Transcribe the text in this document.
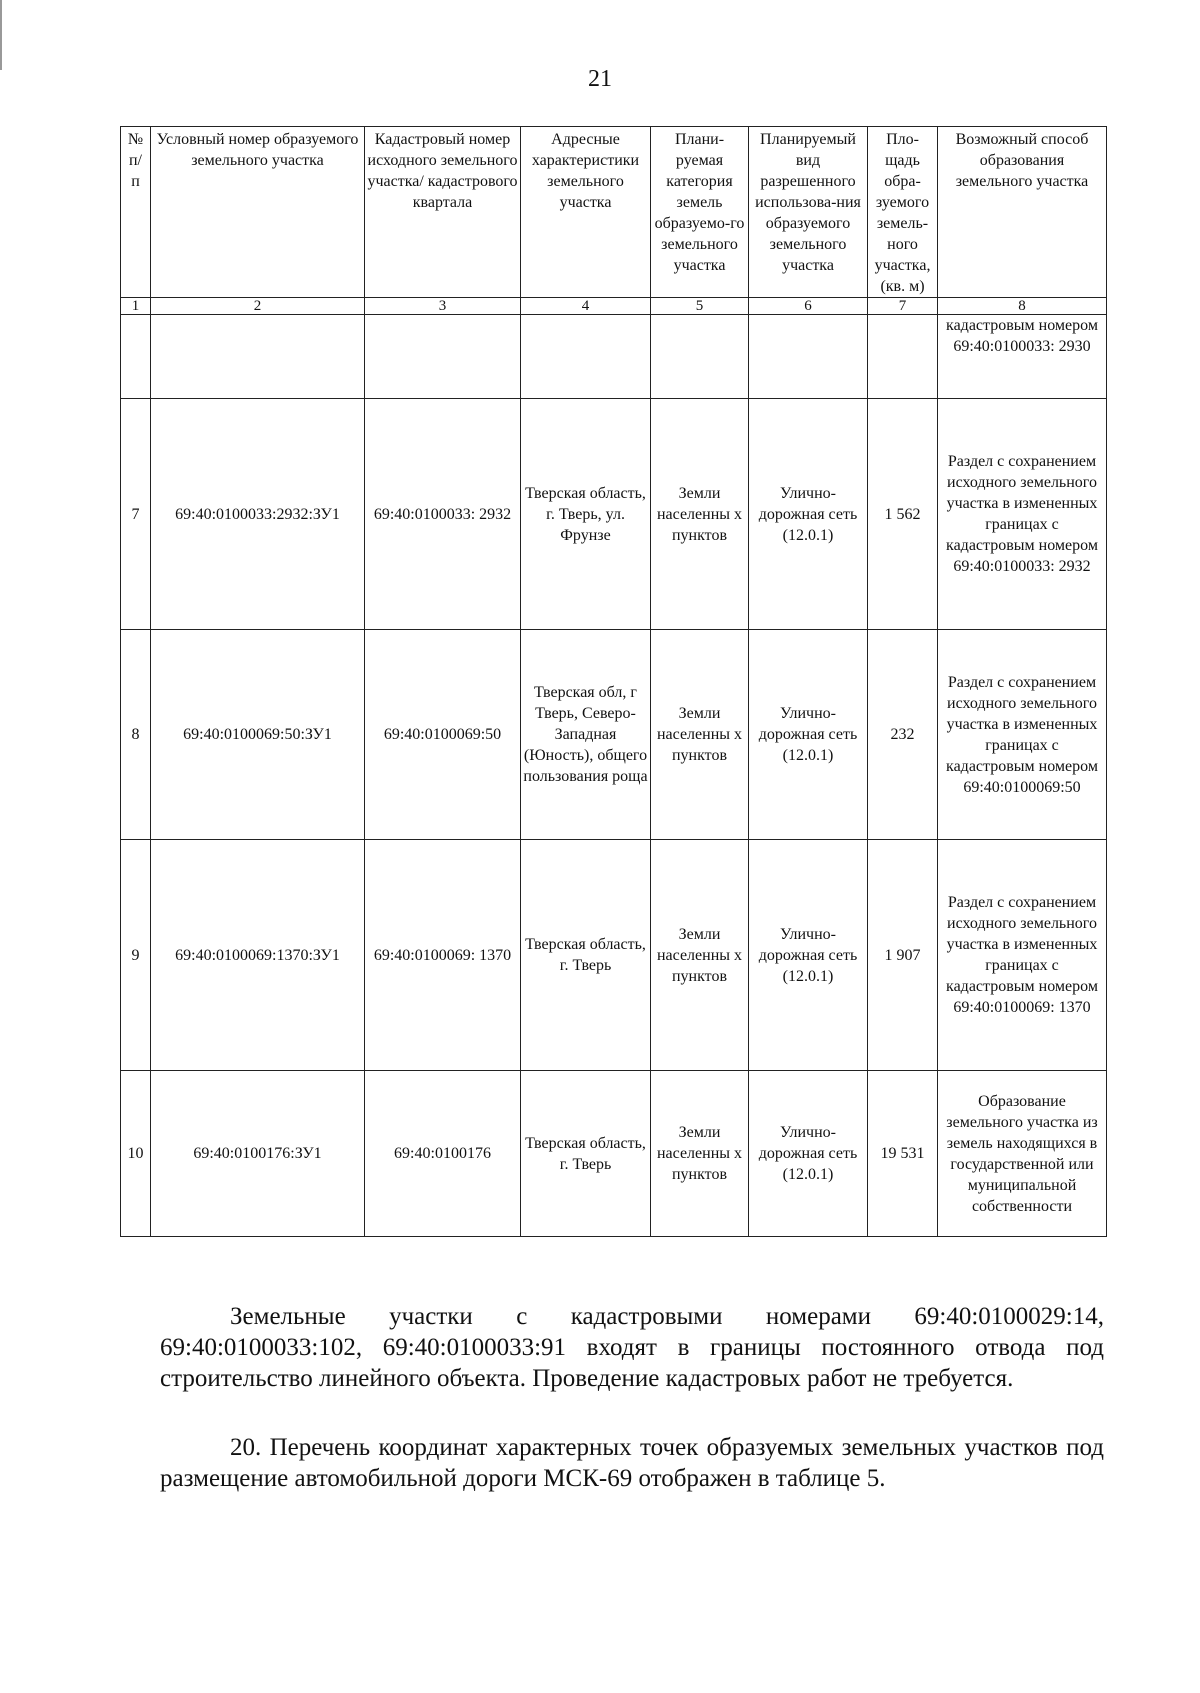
21
№ п/ п	Условный номер образуемого земельного участка	Кадастровый номер исходного земельного участка/ кадастрового квартала	Адресные характеристики земельного участка	Плани-руемая категория земель образуемо-го земельного участка	Планируемый вид разрешенного использова-ния образуемого земельного участка	Пло-щадь обра-зуемого земель-ного участка, (кв. м)	Возможный способ образования земельного участка
1	2	3	4	5	6	7	8
							кадастровым номером 69:40:0100033: 2930
7	69:40:0100033:2932:ЗУ1	69:40:0100033: 2932	Тверская область, г. Тверь, ул. Фрунзе	Земли населенны х пунктов	Улично-дорожная сеть (12.0.1)	1 562	Раздел с сохранением исходного земельного участка в измененных границах с кадастровым номером 69:40:0100033: 2932
8	69:40:0100069:50:ЗУ1	69:40:0100069:50	Тверская обл, г Тверь, Северо-Западная (Юность), общего пользования роща	Земли населенны х пунктов	Улично-дорожная сеть (12.0.1)	232	Раздел с сохранением исходного земельного участка в измененных границах с кадастровым номером 69:40:0100069:50
9	69:40:0100069:1370:ЗУ1	69:40:0100069: 1370	Тверская область, г. Тверь	Земли населенны х пунктов	Улично-дорожная сеть (12.0.1)	1 907	Раздел с сохранением исходного земельного участка в измененных границах с кадастровым номером 69:40:0100069: 1370
10	69:40:0100176:ЗУ1	69:40:0100176	Тверская область, г. Тверь	Земли населенны х пунктов	Улично-дорожная сеть (12.0.1)	19 531	Образование земельного участка из земель находящихся в государственной или муниципальной собственности

Земельные участки с кадастровыми номерами 69:40:0100029:14, 69:40:0100033:102, 69:40:0100033:91 входят в границы постоянного отвода под строительство линейного объекта. Проведение кадастровых работ не требуется.

20. Перечень координат характерных точек образуемых земельных участков под размещение автомобильной дороги МСК-69 отображен в таблице 5.
